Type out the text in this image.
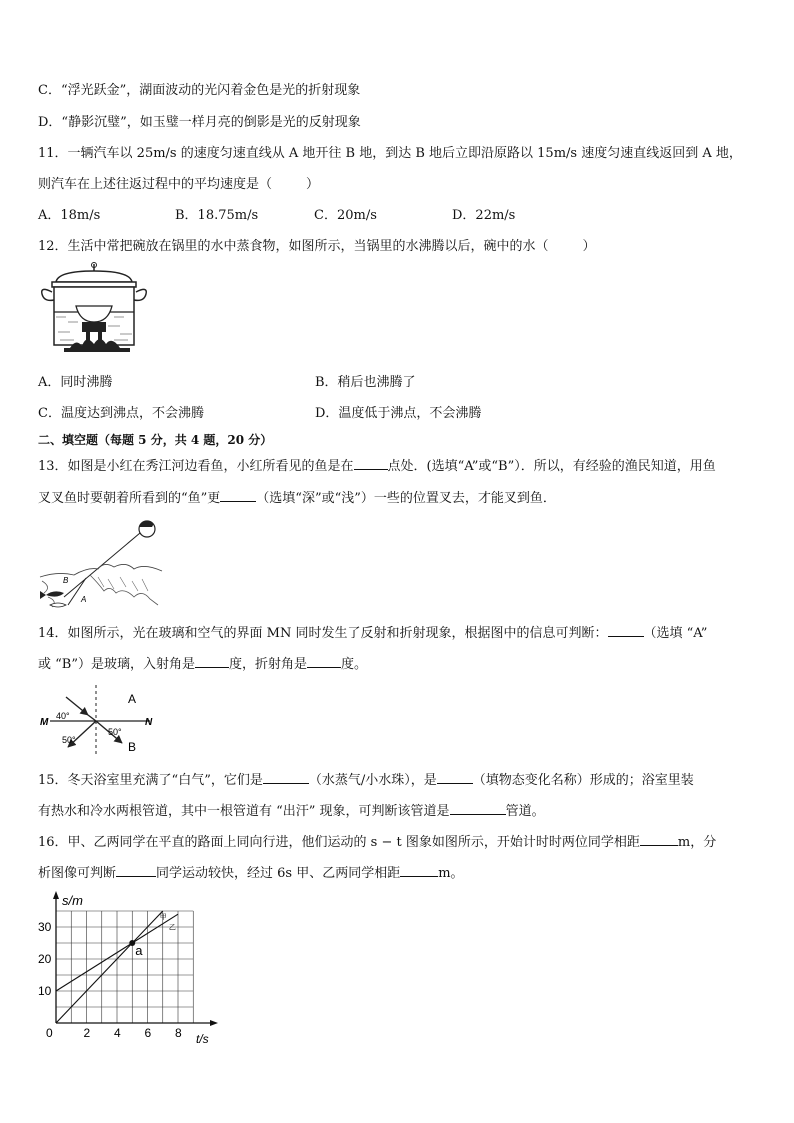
C．“浮光跃金”，湖面波动的光闪着金色是光的折射现象
D．“静影沉璧”，如玉璧一样月亮的倒影是光的反射现象
11．一辆汽车以 25m/s 的速度匀速直线从 A 地开往 B 地，到达 B 地后立即沿原路以 15m/s 速度匀速直线返回到 A 地，
则汽车在上述往返过程中的平均速度是（	）
A．18m/s	B．18.75m/s	C．20m/s	D．22m/s
12．生活中常把碗放在锅里的水中蒸食物，如图所示，当锅里的水沸腾以后，碗中的水（	）
A．同时沸腾	B．稍后也沸腾了
C．温度达到沸点，不会沸腾	D．温度低于沸点，不会沸腾
二、填空题（每题 5 分，共 4 题，20 分）
13．如图是小红在秀江河边看鱼，小红所看见的鱼是在	点处．(选填“A”或“B”）．所以，有经验的渔民知道，用鱼
叉叉鱼时要朝着所看到的“鱼”更	（选填“深”或“浅”）一些的位置叉去，才能叉到鱼．
B
A
14．如图所示，光在玻璃和空气的界面 MN 同时发生了反射和折射现象，根据图中的信息可判断：	（选填 “A”
或 “B”）是玻璃，入射角是	度，折射角是	度。
M	N
A
B
40°
50°
50°
15．冬天浴室里充满了“白气”，它们是	（水蒸气/小水珠），是	（填物态变化名称）形成的；浴室里装
有热水和冷水两根管道，其中一根管道有 “出汗” 现象，可判断该管道是	管道。
16．甲、乙两同学在平直的路面上同向行进，他们运动的 s − t 图象如图所示，开始计时时两位同学相距	m，分
析图像可判断	同学运动较快，经过 6s 甲、乙两同学相距	m。
s/m
t/s
0	2 4 6 8
10
20
30
甲
乙
a
